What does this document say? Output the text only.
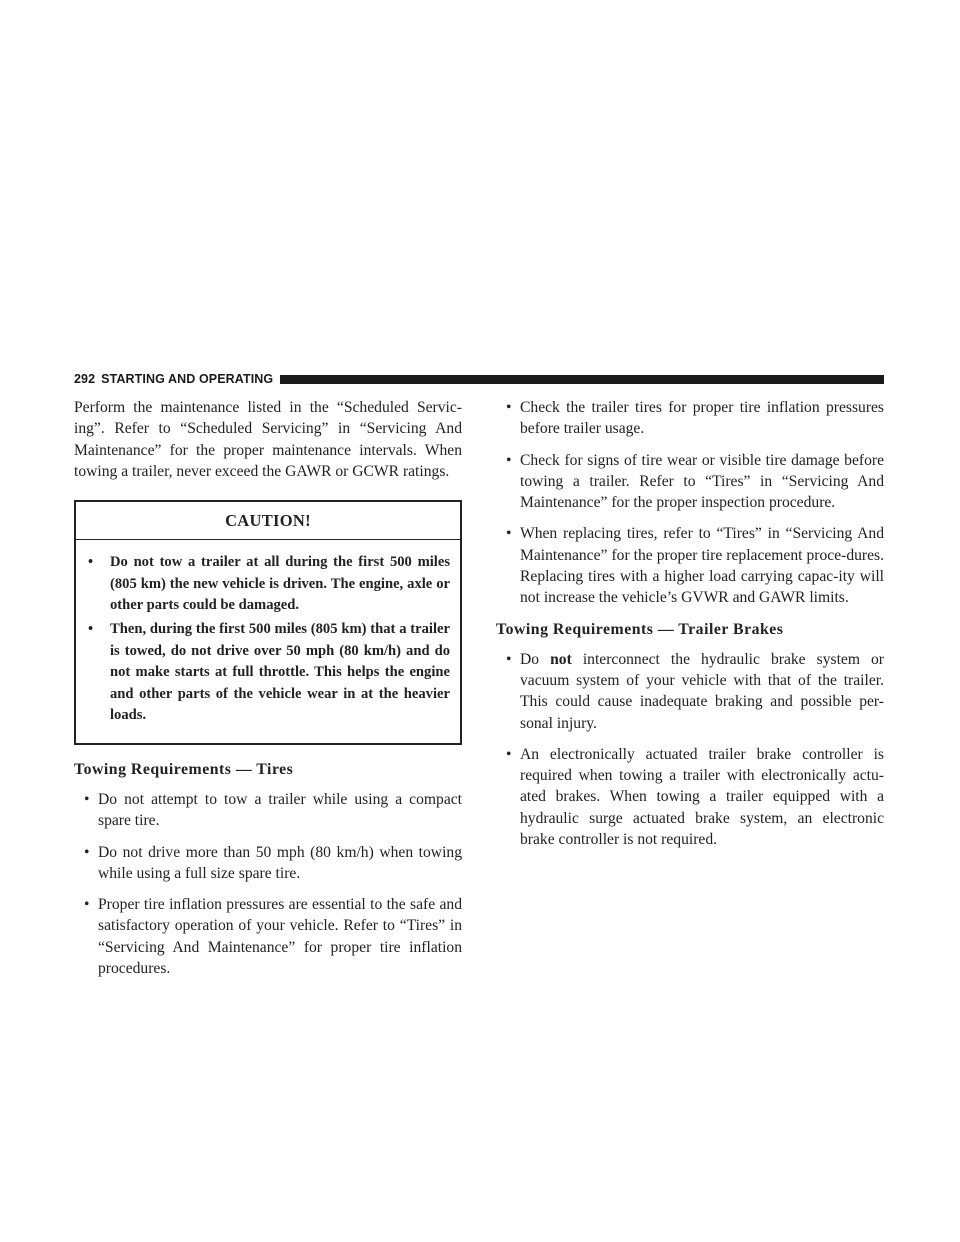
292 STARTING AND OPERATING

Perform the maintenance listed in the “Scheduled Servic-ing”. Refer to “Scheduled Servicing” in “Servicing And Maintenance” for the proper maintenance intervals. When towing a trailer, never exceed the GAWR or GCWR ratings.

CAUTION!
• Do not tow a trailer at all during the first 500 miles (805 km) the new vehicle is driven. The engine, axle or other parts could be damaged.
• Then, during the first 500 miles (805 km) that a trailer is towed, do not drive over 50 mph (80 km/h) and do not make starts at full throttle. This helps the engine and other parts of the vehicle wear in at the heavier loads.
Towing Requirements — Tires
• Do not attempt to tow a trailer while using a compact spare tire.
• Do not drive more than 50 mph (80 km/h) when towing while using a full size spare tire.
• Proper tire inflation pressures are essential to the safe and satisfactory operation of your vehicle. Refer to “Tires” in “Servicing And Maintenance” for proper tire inflation procedures.
• Check the trailer tires for proper tire inflation pressures before trailer usage.
• Check for signs of tire wear or visible tire damage before towing a trailer. Refer to “Tires” in “Servicing And Maintenance” for the proper inspection procedure.
• When replacing tires, refer to “Tires” in “Servicing And Maintenance” for the proper tire replacement proce-dures. Replacing tires with a higher load carrying capac-ity will not increase the vehicle’s GVWR and GAWR limits.
Towing Requirements — Trailer Brakes
• Do not interconnect the hydraulic brake system or vacuum system of your vehicle with that of the trailer. This could cause inadequate braking and possible per-sonal injury.
• An electronically actuated trailer brake controller is required when towing a trailer with electronically actu-ated brakes. When towing a trailer equipped with a hydraulic surge actuated brake system, an electronic brake controller is not required.
